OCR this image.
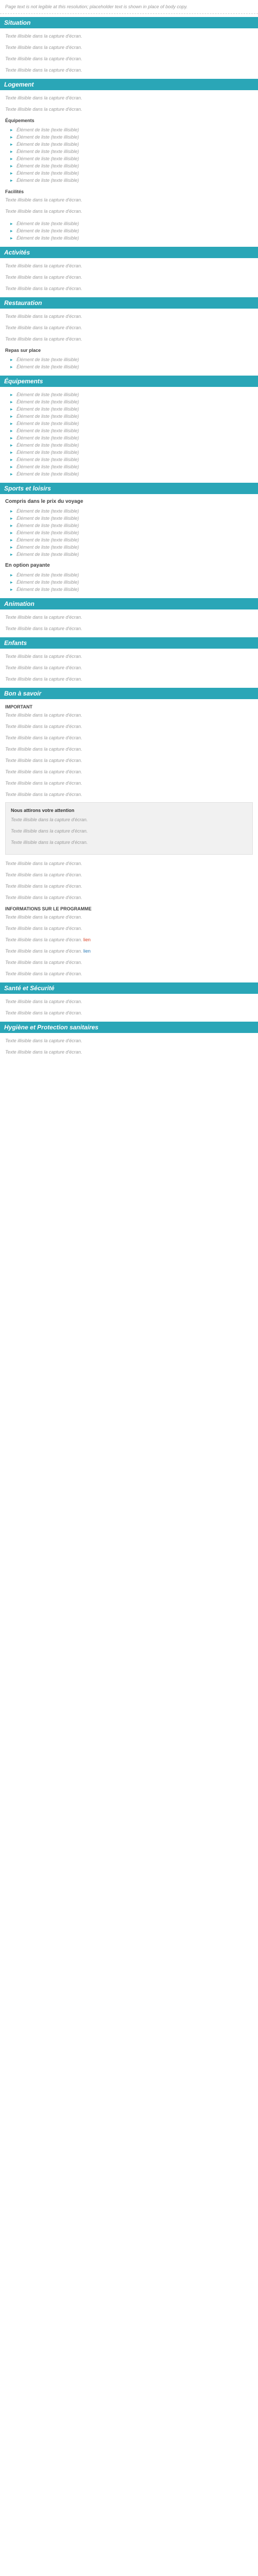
Page text is not legible at this resolution; placeholder text is shown in place of body copy.
Situation
Texte illisible dans la capture d'écran.
Texte illisible dans la capture d'écran.
Texte illisible dans la capture d'écran.
Texte illisible dans la capture d'écran.
Logement
Texte illisible dans la capture d'écran.
Texte illisible dans la capture d'écran.
Équipements
▸ Élément de liste (texte illisible)
▸ Élément de liste (texte illisible)
▸ Élément de liste (texte illisible)
▸ Élément de liste (texte illisible)
▸ Élément de liste (texte illisible)
▸ Élément de liste (texte illisible)
▸ Élément de liste (texte illisible)
▸ Élément de liste (texte illisible)
Facilités
Texte illisible dans la capture d'écran.
Texte illisible dans la capture d'écran.
▸ Élément de liste (texte illisible)
▸ Élément de liste (texte illisible)
▸ Élément de liste (texte illisible)
Activités
Texte illisible dans la capture d'écran.
Texte illisible dans la capture d'écran.
Texte illisible dans la capture d'écran.
Restauration
Texte illisible dans la capture d'écran.
Texte illisible dans la capture d'écran.
Texte illisible dans la capture d'écran.
Repas sur place
▸ Élément de liste (texte illisible)
▸ Élément de liste (texte illisible)
Équipements
▸ Élément de liste (texte illisible)
▸ Élément de liste (texte illisible)
▸ Élément de liste (texte illisible)
▸ Élément de liste (texte illisible)
▸ Élément de liste (texte illisible)
▸ Élément de liste (texte illisible)
▸ Élément de liste (texte illisible)
▸ Élément de liste (texte illisible)
▸ Élément de liste (texte illisible)
▸ Élément de liste (texte illisible)
▸ Élément de liste (texte illisible)
▸ Élément de liste (texte illisible)
Sports et loisirs
Compris dans le prix du voyage
▸ Élément de liste (texte illisible)
▸ Élément de liste (texte illisible)
▸ Élément de liste (texte illisible)
▸ Élément de liste (texte illisible)
▸ Élément de liste (texte illisible)
▸ Élément de liste (texte illisible)
▸ Élément de liste (texte illisible)
En option payante
▸ Élément de liste (texte illisible)
▸ Élément de liste (texte illisible)
▸ Élément de liste (texte illisible)
Animation
Texte illisible dans la capture d'écran.
Texte illisible dans la capture d'écran.
Enfants
Texte illisible dans la capture d'écran.
Texte illisible dans la capture d'écran.
Texte illisible dans la capture d'écran.
Bon à savoir
IMPORTANT
Texte illisible dans la capture d'écran.
Texte illisible dans la capture d'écran.
Texte illisible dans la capture d'écran.
Texte illisible dans la capture d'écran.
Texte illisible dans la capture d'écran.
Texte illisible dans la capture d'écran.
Texte illisible dans la capture d'écran.
Texte illisible dans la capture d'écran.
Nous attirons votre attention
Texte illisible dans la capture d'écran.
Texte illisible dans la capture d'écran.
Texte illisible dans la capture d'écran.
Texte illisible dans la capture d'écran.
Texte illisible dans la capture d'écran.
Texte illisible dans la capture d'écran.
Texte illisible dans la capture d'écran.
INFORMATIONS SUR LE PROGRAMME
Texte illisible dans la capture d'écran.
Texte illisible dans la capture d'écran.
Texte illisible dans la capture d'écran. lien
Texte illisible dans la capture d'écran. lien
Texte illisible dans la capture d'écran.
Texte illisible dans la capture d'écran.
Santé et Sécurité
Texte illisible dans la capture d'écran.
Texte illisible dans la capture d'écran.
Hygiène et Protection sanitaires
Texte illisible dans la capture d'écran.
Texte illisible dans la capture d'écran.
